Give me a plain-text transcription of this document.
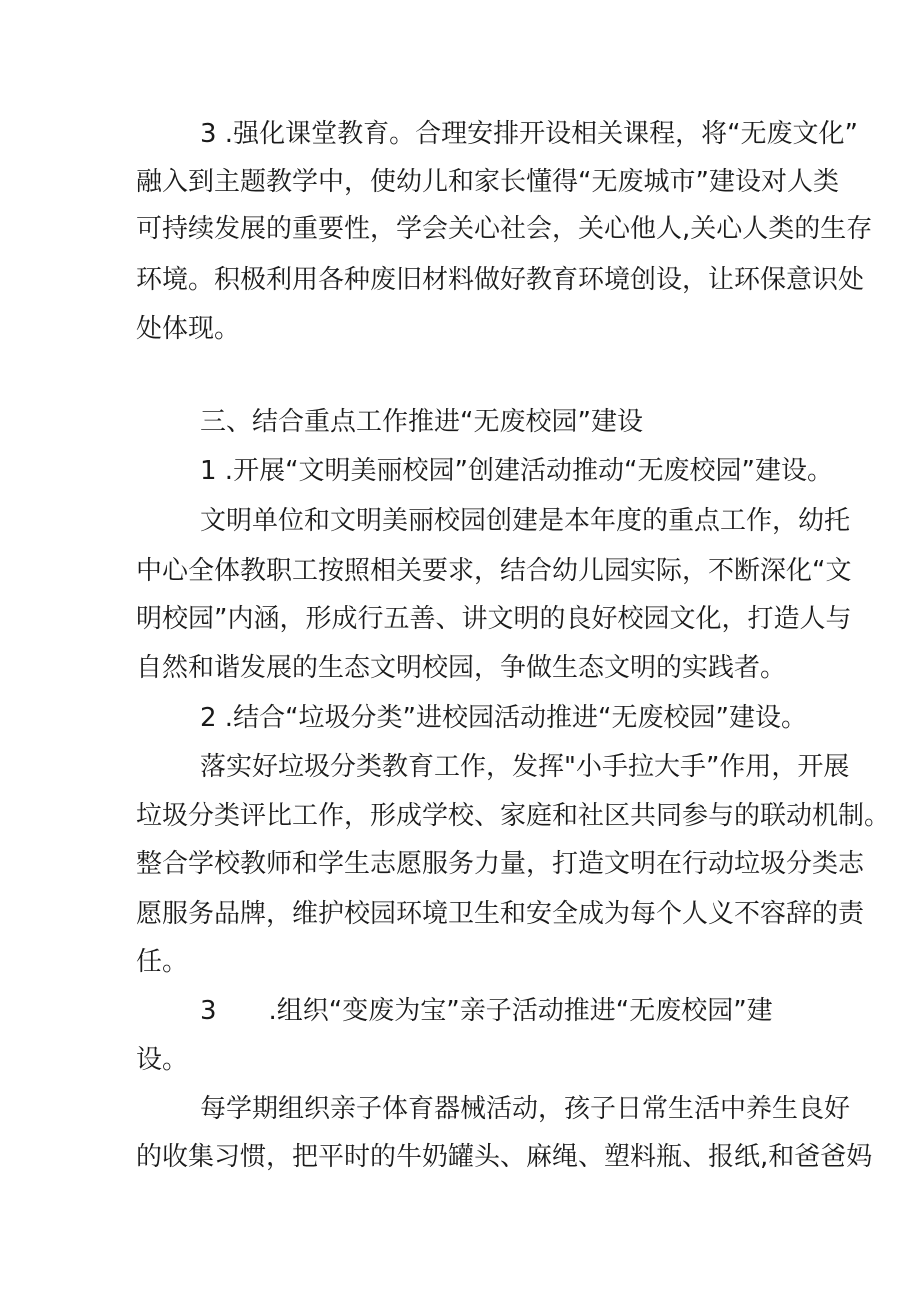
3 .强化课堂教育。合理安排开设相关课程，将“无废文化”
融入到主题教学中，使幼儿和家长懂得“无废城市”建设对人类
可持续发展的重要性，学会关心社会，关心他人,关心人类的生存
环境。积极利用各种废旧材料做好教育环境创设，让环保意识处
处体现。
三、结合重点工作推进“无废校园”建设
1 .开展“文明美丽校园”创建活动推动“无废校园”建设。
文明单位和文明美丽校园创建是本年度的重点工作，幼托
中心全体教职工按照相关要求，结合幼儿园实际，不断深化“文
明校园”内涵，形成行五善、讲文明的良好校园文化，打造人与
自然和谐发展的生态文明校园，争做生态文明的实践者。
2 .结合“垃圾分类”进校园活动推进“无废校园”建设。
落实好垃圾分类教育工作，发挥"小手拉大手”作用，开展
垃圾分类评比工作，形成学校、家庭和社区共同参与的联动机制。
整合学校教师和学生志愿服务力量，打造文明在行动垃圾分类志
愿服务品牌，维护校园环境卫生和安全成为每个人义不容辞的责
任。
3　　.组织“变废为宝”亲子活动推进“无废校园”建
设。
每学期组织亲子体育器械活动，孩子日常生活中养生良好
的收集习惯，把平时的牛奶罐头、麻绳、塑料瓶、报纸,和爸爸妈
